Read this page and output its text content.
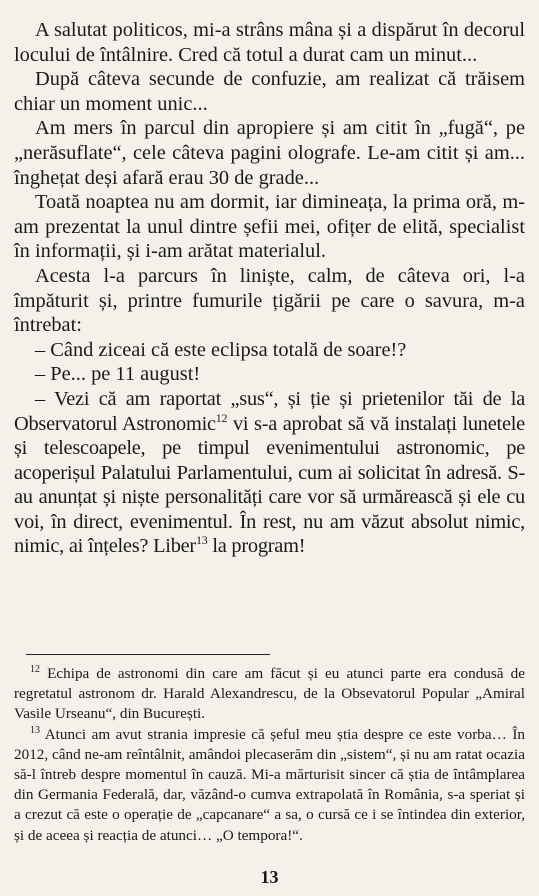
A salutat politicos, mi-a strâns mâna și a dispărut în decorul locului de întâlnire. Cred că totul a durat cam un minut...

După câteva secunde de confuzie, am realizat că trăisem chiar un moment unic...

Am mers în parcul din apropiere și am citit în „fugă“, pe „nerăsuflate“, cele câteva pagini olografe. Le-am citit și am... înghețat deși afară erau 30 de grade...

Toată noaptea nu am dormit, iar dimineața, la prima oră, m-am prezentat la unul dintre șefii mei, ofițer de elită, specialist în informații, și i-am arătat materialul.

Acesta l-a parcurs în liniște, calm, de câteva ori, l-a împăturit și, printre fumurile țigării pe care o savura, m-a întrebat:

– Când ziceai că este eclipsa totală de soare!?

– Pe... pe 11 august!

– Vezi că am raportat „sus“, și ție și prietenilor tăi de la Observatorul Astronomic$^{12}$ vi s-a aprobat să vă instalați lunetele și telescoapele, pe timpul evenimentului astronomic, pe acoperișul Palatului Parlamentului, cum ai solicitat în adresă. S-au anunțat și niște personalități care vor să urmărească și ele cu voi, în direct, evenimentul. În rest, nu am văzut absolut nimic, nimic, ai înțeles? Liber$^{13}$ la program!

$^{12}$ Echipa de astronomi din care am făcut și eu atunci parte era condusă de regretatul astronom dr. Harald Alexandrescu, de la Obsevatorul Popular „Amiral Vasile Urseanu“, din București.

$^{13}$ Atunci am avut strania impresie că șeful meu știa despre ce este vorba… În 2012, când ne-am reîntâlnit, amândoi plecaserăm din „sistem“, și nu am ratat ocazia să-l întreb despre momentul în cauză. Mi-a mărturisit sincer că știa de întâmplarea din Germania Federală, dar, văzând-o cumva extrapolată în România, s-a speriat și a crezut că este o operație de „capcanare“ a sa, o cursă ce i se întindea din exterior, și de aceea și reacția de atunci… „O tempora!“.

13
